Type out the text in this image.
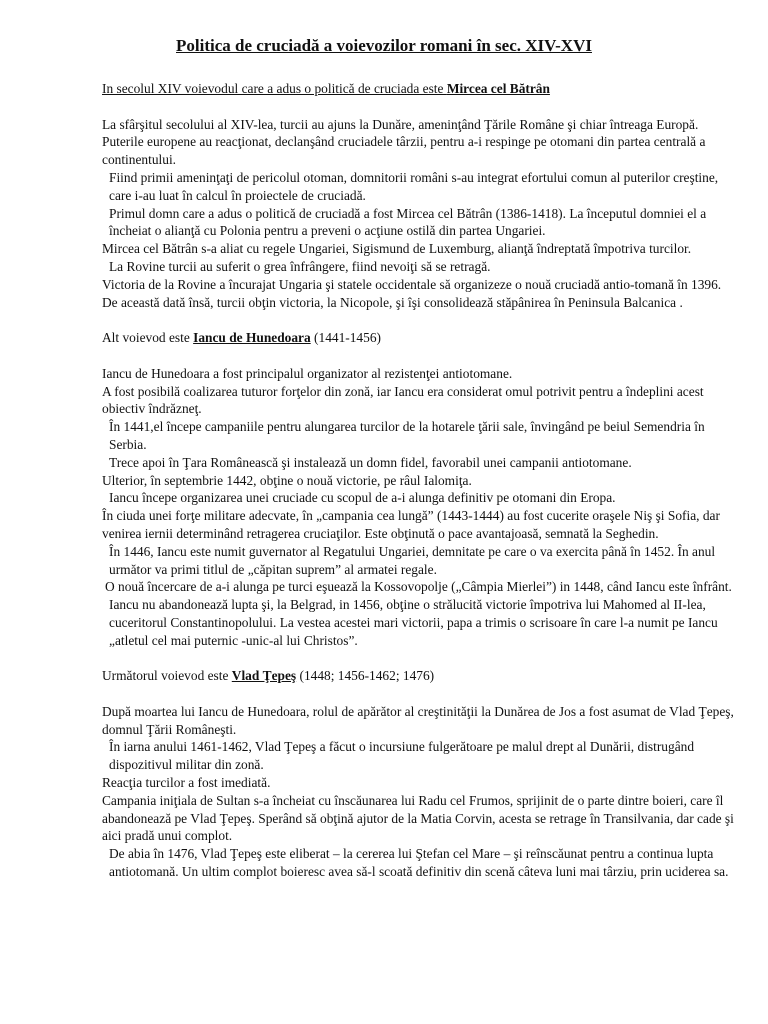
Politica de cruciadă a voievozilor romani în sec. XIV-XVI

In secolul XIV voievodul care a adus o politică de cruciada este Mircea cel Bătrân

La sfârşitul secolului al XIV-lea, turcii au ajuns la Dunăre, ameninţând Ţările Române şi chiar întreaga Europă. Puterile europene au reacţionat, declanşând cruciadele târzii, pentru a-i respinge pe otomani din partea centrală a continentului.

Fiind primii ameninţaţi de pericolul otoman, domnitorii români s-au integrat efortului comun al puterilor creştine, care i-au luat în calcul în proiectele de cruciadă.

Primul domn care a adus o politică de cruciadă a fost Mircea cel Bătrân (1386-1418). La începutul domniei el a încheiat o alianţă cu Polonia pentru a preveni o acţiune ostilă din partea Ungariei.

Mircea cel Bătrân s-a aliat cu regele Ungariei, Sigismund de Luxemburg, alianţă îndreptată împotriva turcilor.

La Rovine turcii au suferit o grea înfrângere, fiind nevoiţi să se retragă.

Victoria de la Rovine a încurajat Ungaria şi statele occidentale să organizeze o nouă cruciadă antio-tomană în 1396. De această dată însă, turcii obţin victoria, la Nicopole, şi îşi consolidează stăpânirea în Peninsula Balcanica .

Alt voievod este Iancu de Hunedoara (1441-1456)

Iancu de Hunedoara a fost principalul organizator al rezistenţei antiotomane.

A fost posibilă coalizarea tuturor forţelor din zonă, iar Iancu era considerat omul potrivit pentru a îndeplini acest obiectiv îndrăzneţ.

În 1441,el începe campaniile pentru alungarea turcilor de la hotarele ţării sale, învingând pe beiul Semendria în Serbia.

Trece apoi în Ţara Românească şi instalează un domn fidel, favorabil unei campanii antiotomane.

Ulterior, în septembrie 1442, obţine o nouă victorie, pe râul Ialomiţa.

Iancu începe organizarea unei cruciade cu scopul de a-i alunga definitiv pe otomani din Eropa.

În ciuda unei forţe militare adecvate, în „campania cea lungă” (1443-1444) au fost cucerite oraşele Niş şi Sofia, dar venirea iernii determinând retragerea cruciaţilor. Este obţinută o pace avantajoasă, semnată la Seghedin.

În 1446, Iancu este numit guvernator al Regatului Ungariei, demnitate pe care o va exercita până în 1452. În anul următor va primi titlul de „căpitan suprem” al armatei regale.

O nouă încercare de a-i alunga pe turci eşuează la Kossovopolje („Câmpia Mierlei”) in 1448, când Iancu este înfrânt.

Iancu nu abandonează lupta şi, la Belgrad, in 1456, obţine o strălucită victorie împotriva lui Mahomed al II-lea, cuceritorul Constantinopolului. La vestea acestei mari victorii, papa a trimis o scrisoare în care l-a numit pe Iancu „atletul cel mai puternic -unic-al lui Christos”.

Următorul voievod este Vlad Ţepeş (1448; 1456-1462; 1476)

După moartea lui Iancu de Hunedoara, rolul de apărător al creştinităţii la Dunărea de Jos a fost asumat de Vlad Ţepeş, domnul Ţării Româneşti.

În iarna anului 1461-1462, Vlad Ţepeş a făcut o incursiune fulgerătoare pe malul drept al Dunării, distrugând dispozitivul militar din zonă.

Reacţia turcilor a fost imediată.

Campania iniţiala de Sultan s-a încheiat cu înscăunarea lui Radu cel Frumos, sprijinit de o parte dintre boieri, care îl abandonează pe Vlad Ţepeş. Sperând să obţină ajutor de la Matia Corvin, acesta se retrage în Transilvania, dar cade şi aici pradă unui complot.

De abia în 1476, Vlad Ţepeş este eliberat – la cererea lui Ştefan cel Mare – şi reînscăunat pentru a continua lupta antiotomană. Un ultim complot boieresc avea să-l scoată definitiv din scenă câteva luni mai târziu, prin uciderea sa.
